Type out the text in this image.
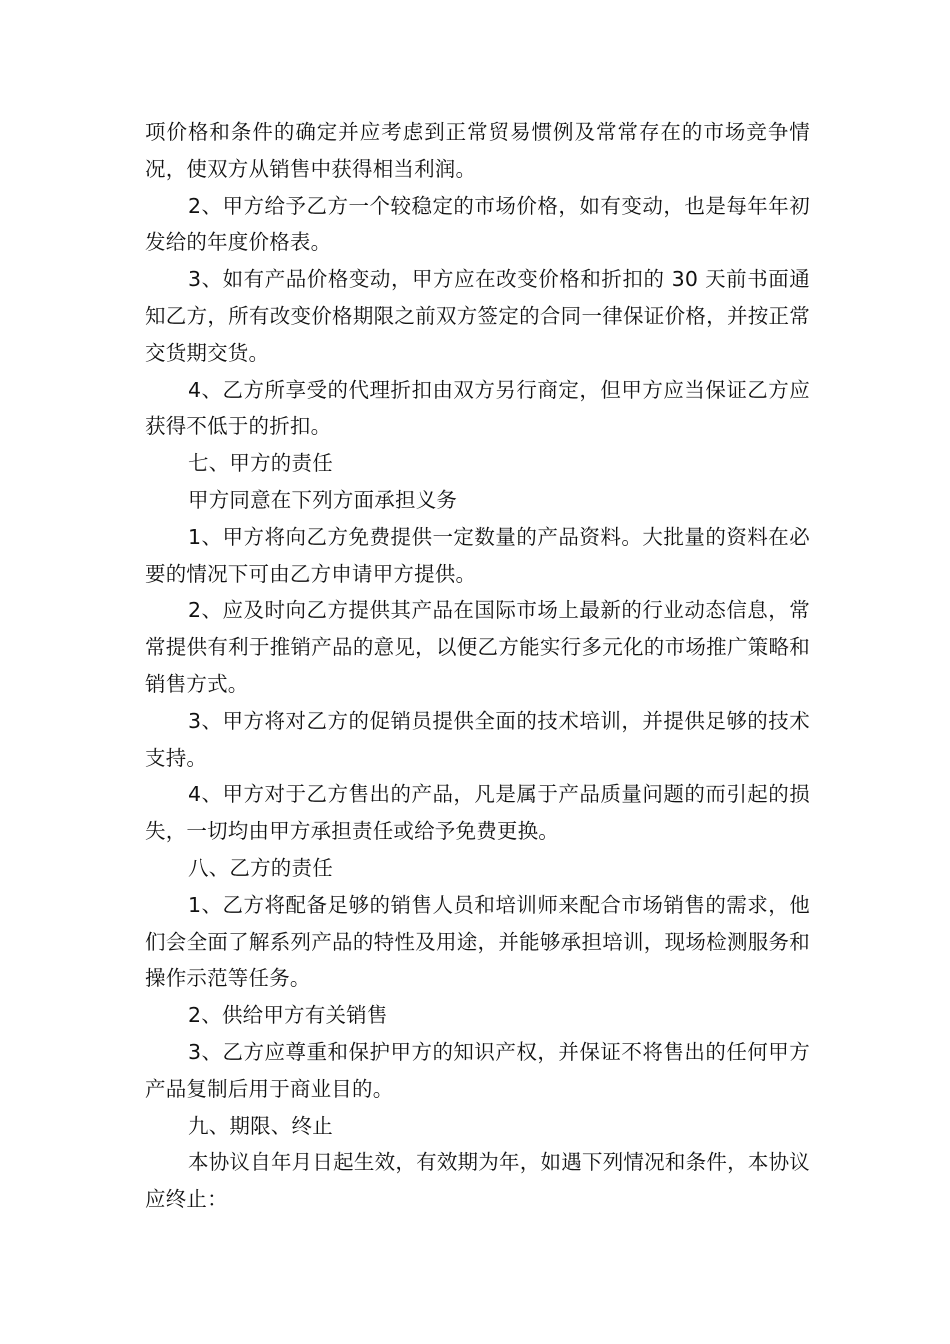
项价格和条件的确定并应考虑到正常贸易惯例及常常存在的市场竞争情况，使双方从销售中获得相当利润。

2、甲方给予乙方一个较稳定的市场价格，如有变动，也是每年年初发给的年度价格表。

3、如有产品价格变动，甲方应在改变价格和折扣的 30 天前书面通知乙方，所有改变价格期限之前双方签定的合同一律保证价格，并按正常交货期交货。

4、乙方所享受的代理折扣由双方另行商定，但甲方应当保证乙方应获得不低于的折扣。

七、甲方的责任

甲方同意在下列方面承担义务

1、甲方将向乙方免费提供一定数量的产品资料。大批量的资料在必要的情况下可由乙方申请甲方提供。

2、应及时向乙方提供其产品在国际市场上最新的行业动态信息，常常提供有利于推销产品的意见，以便乙方能实行多元化的市场推广策略和销售方式。

3、甲方将对乙方的促销员提供全面的技术培训，并提供足够的技术支持。

4、甲方对于乙方售出的产品，凡是属于产品质量问题的而引起的损失，一切均由甲方承担责任或给予免费更换。

八、乙方的责任

1、乙方将配备足够的销售人员和培训师来配合市场销售的需求，他们会全面了解系列产品的特性及用途，并能够承担培训，现场检测服务和操作示范等任务。

2、供给甲方有关销售

3、乙方应尊重和保护甲方的知识产权，并保证不将售出的任何甲方产品复制后用于商业目的。

九、期限、终止

本协议自年月日起生效，有效期为年，如遇下列情况和条件，本协议应终止：
